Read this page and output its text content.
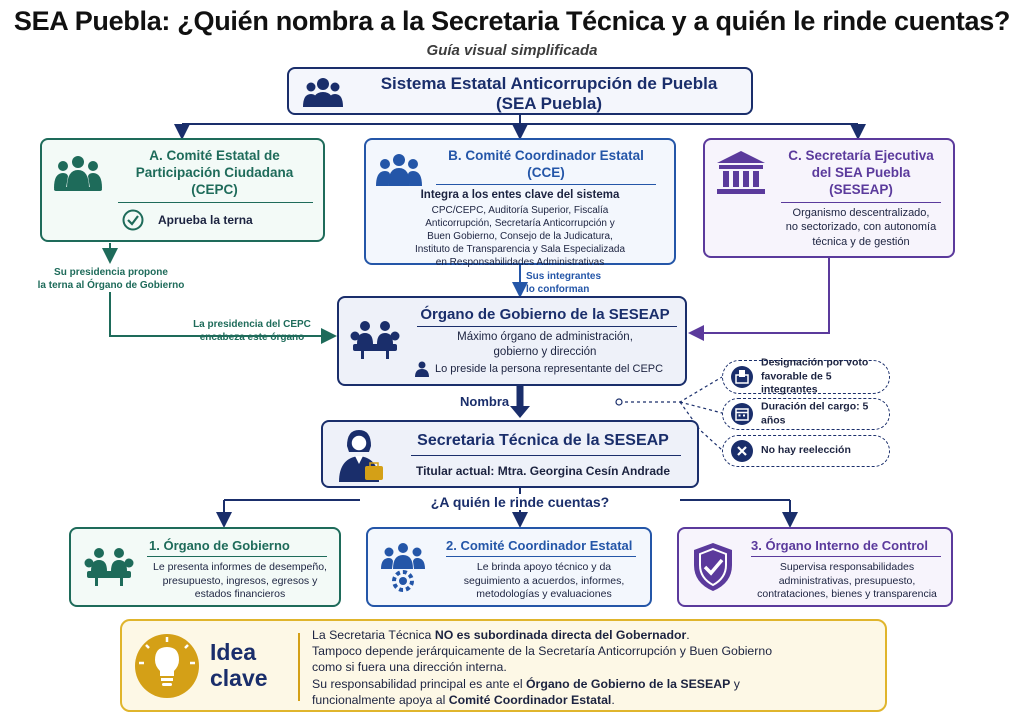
SEA Puebla: ¿Quién nombra a la Secretaria Técnica y a quién le rinde cuentas?
Guía visual simplificada
Sistema Estatal Anticorrupción de Puebla
(SEA Puebla)
A. Comité Estatal de
Participación Ciudadana
(CEPC)
Aprueba la terna
B. Comité Coordinador Estatal
(CCE)
Integra a los entes clave del sistema
CPC/CEPC, Auditoría Superior, Fiscalía
Anticorrupción, Secretaría Anticorrupción y
Buen Gobierno, Consejo de la Judicatura,
Instituto de Transparencia y Sala Especializada
en Responsabilidades Administrativas
C. Secretaría Ejecutiva
del SEA Puebla
(SESEAP)
Organismo descentralizado,
no sectorizado, con autonomía
técnica y de gestión
Su presidencia propone
la terna al Órgano de Gobierno
La presidencia del CEPC
encabeza este órgano
Sus integrantes
lo conforman
Órgano de Gobierno de la SESEAP
Máximo órgano de administración,
gobierno y dirección
Lo preside la persona representante del CEPC
Nombra
Designación por voto
favorable de 5 integrantes
Duración del cargo: 5 años
No hay reelección
Secretaria Técnica de la SESEAP
Titular actual: Mtra. Georgina Cesín Andrade
¿A quién le rinde cuentas?
1. Órgano de Gobierno
Le presenta informes de desempeño,
presupuesto, ingresos, egresos y
estados financieros
2. Comité Coordinador Estatal
Le brinda apoyo técnico y da
seguimiento a acuerdos, informes,
metodologías y evaluaciones
3. Órgano Interno de Control
Supervisa responsabilidades
administrativas, presupuesto,
contrataciones, bienes y transparencia
Idea
clave
La Secretaria Técnica NO es subordinada directa del Gobernador.
Tampoco depende jerárquicamente de la Secretaría Anticorrupción y Buen Gobierno
como si fuera una dirección interna.
Su responsabilidad principal es ante el Órgano de Gobierno de la SESEAP y
funcionalmente apoya al Comité Coordinador Estatal.
